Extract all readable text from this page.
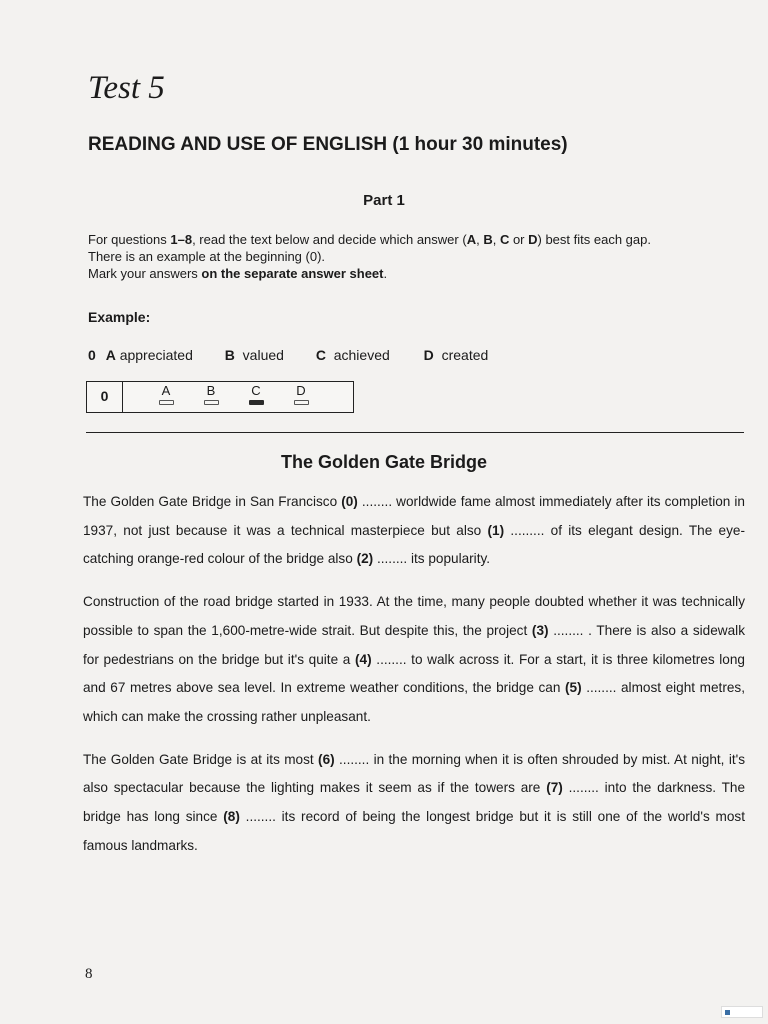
Test 5
READING AND USE OF ENGLISH (1 hour 30 minutes)
Part 1

For questions 1–8, read the text below and decide which answer (A, B, C or D) best fits each gap.

There is an example at the beginning (0).

Mark your answers on the separate answer sheet.

Example:
0 A appreciated B valued C achieved D created
0	A	B	C	D
The Golden Gate Bridge

The Golden Gate Bridge in San Francisco (0) ........ worldwide fame almost immediately after its completion in 1937, not just because it was a technical masterpiece but also (1) ......... of its elegant design. The eye-catching orange-red colour of the bridge also (2) ........ its popularity.

Construction of the road bridge started in 1933. At the time, many people doubted whether it was technically possible to span the 1,600-metre-wide strait. But despite this, the project (3) ........ . There is also a sidewalk for pedestrians on the bridge but it's quite a (4) ........ to walk across it. For a start, it is three kilometres long and 67 metres above sea level. In extreme weather conditions, the bridge can (5) ........ almost eight metres, which can make the crossing rather unpleasant.

The Golden Gate Bridge is at its most (6) ........ in the morning when it is often shrouded by mist. At night, it's also spectacular because the lighting makes it seem as if the towers are (7) ........ into the darkness. The bridge has long since (8) ........ its record of being the longest bridge but it is still one of the world's most famous landmarks.

8
